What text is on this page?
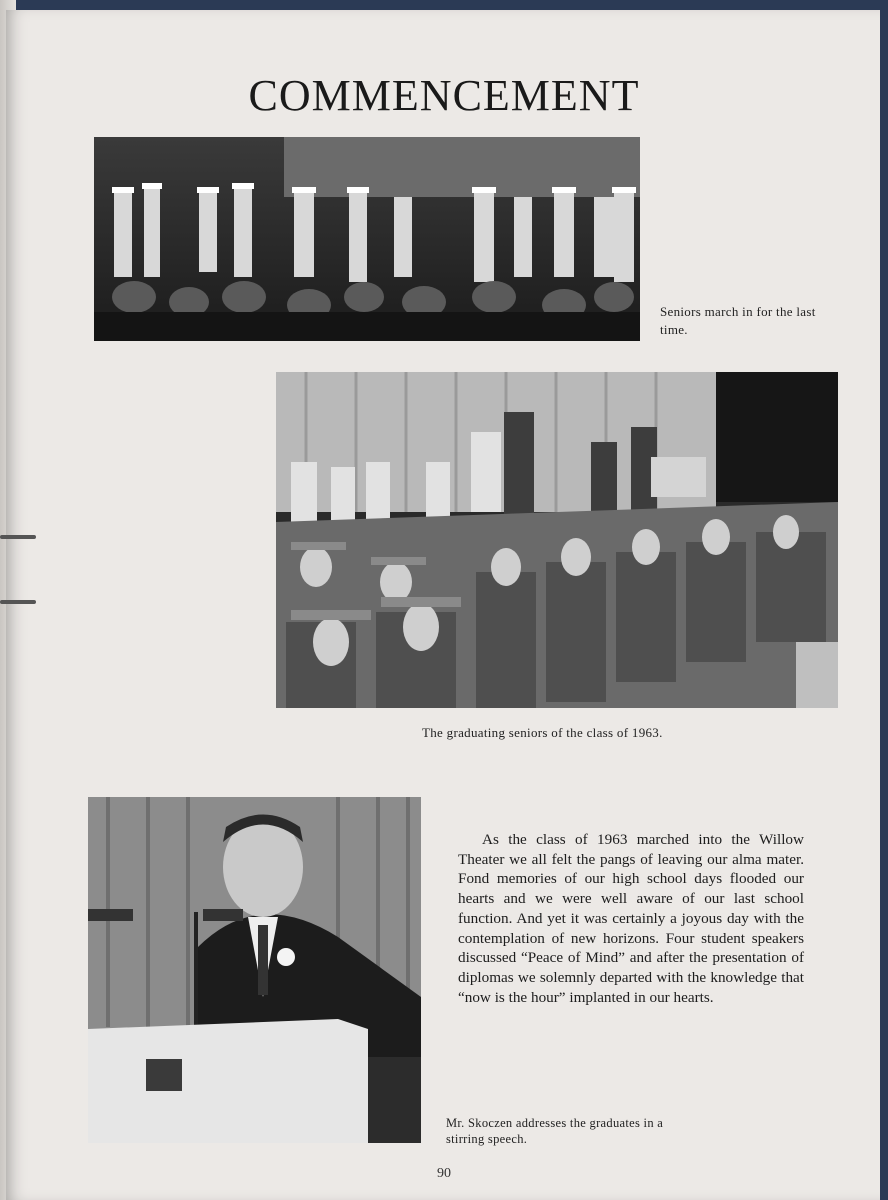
COMMENCEMENT
Seniors march in for the last time.
The graduating seniors of the class of 1963.

As the class of 1963 marched into the Willow Theater we all felt the pangs of leaving our alma mater. Fond memories of our high school days flooded our hearts and we were well aware of our last school function. And yet it was certainly a joyous day with the contemplation of new horizons. Four student speakers discussed “Peace of Mind” and after the presentation of diplomas we solemnly departed with the knowledge that “now is the hour” implanted in our hearts.

Mr. Skoczen addresses the graduates in a stirring speech.
90
